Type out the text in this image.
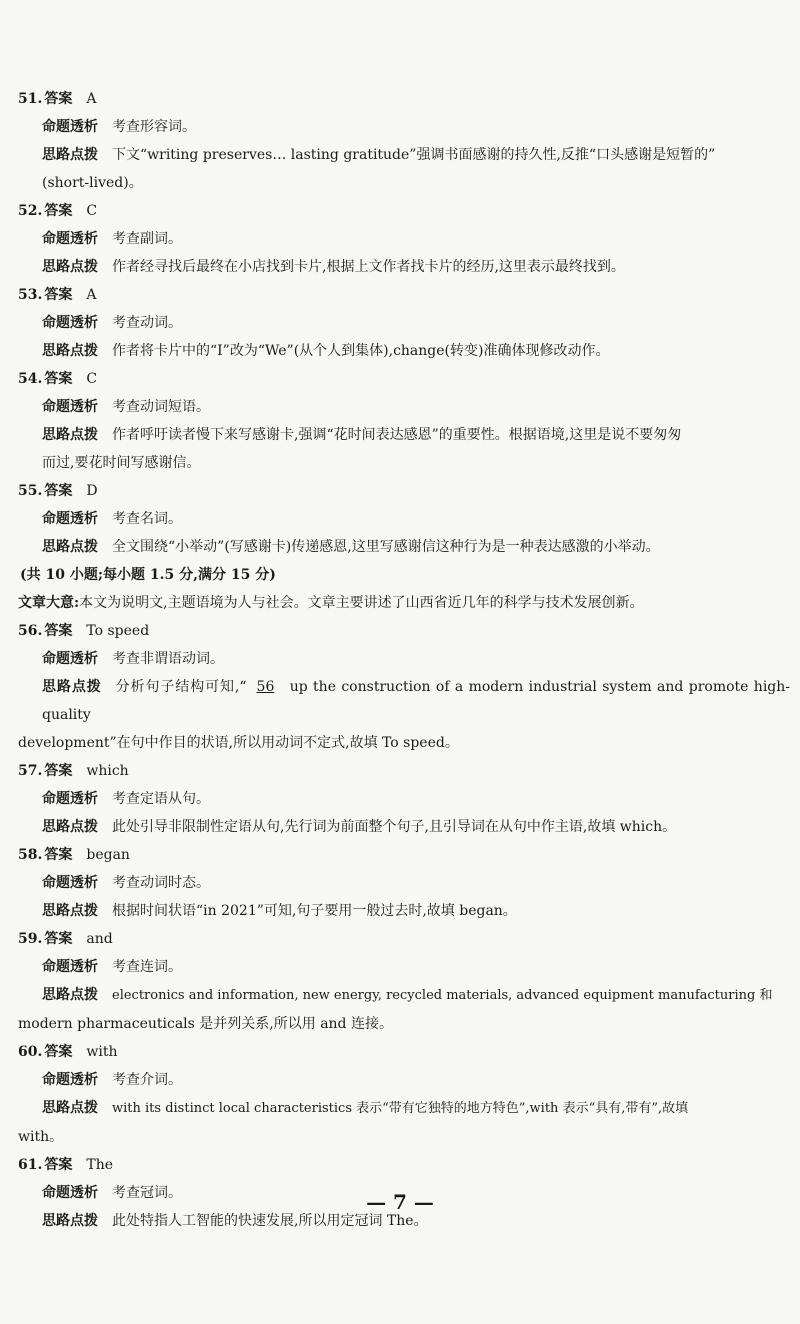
51. 答案 A
命题透析 考查形容词。
思路点拨 下文“writing preserves… lasting gratitude”强调书面感谢的持久性,反推“口头感谢是短暂的”
(short-lived)。
52. 答案 C
命题透析 考查副词。
思路点拨 作者经寻找后最终在小店找到卡片,根据上文作者找卡片的经历,这里表示最终找到。
53. 答案 A
命题透析 考查动词。
思路点拨 作者将卡片中的“I”改为“We”(从个人到集体),change(转变)准确体现修改动作。
54. 答案 C
命题透析 考查动词短语。
思路点拨 作者呼吁读者慢下来写感谢卡,强调“花时间表达感恩”的重要性。根据语境,这里是说不要匆匆
而过,要花时间写感谢信。
55. 答案 D
命题透析 考查名词。
思路点拨 全文围绕“小举动”(写感谢卡)传递感恩,这里写感谢信这种行为是一种表达感激的小举动。
(共 10 小题;每小题 1.5 分,满分 15 分)
文章大意:本文为说明文,主题语境为人与社会。文章主要讲述了山西省近几年的科学与技术发展创新。
56. 答案 To speed
命题透析 考查非谓语动词。
思路点拨 分析句子结构可知,“ 56 up the construction of a modern industrial system and promote high-quality
development”在句中作目的状语,所以用动词不定式,故填 To speed。
57. 答案 which
命题透析 考查定语从句。
思路点拨 此处引导非限制性定语从句,先行词为前面整个句子,且引导词在从句中作主语,故填 which。
58. 答案 began
命题透析 考查动词时态。
思路点拨 根据时间状语“in 2021”可知,句子要用一般过去时,故填 began。
59. 答案 and
命题透析 考查连词。
思路点拨 electronics and information, new energy, recycled materials, advanced equipment manufacturing 和
modern pharmaceuticals 是并列关系,所以用 and 连接。
60. 答案 with
命题透析 考查介词。
思路点拨 with its distinct local characteristics 表示“带有它独特的地方特色”,with 表示“具有,带有”,故填
with。
61. 答案 The
命题透析 考查冠词。
思路点拨 此处特指人工智能的快速发展,所以用定冠词 The。
— 7 —
